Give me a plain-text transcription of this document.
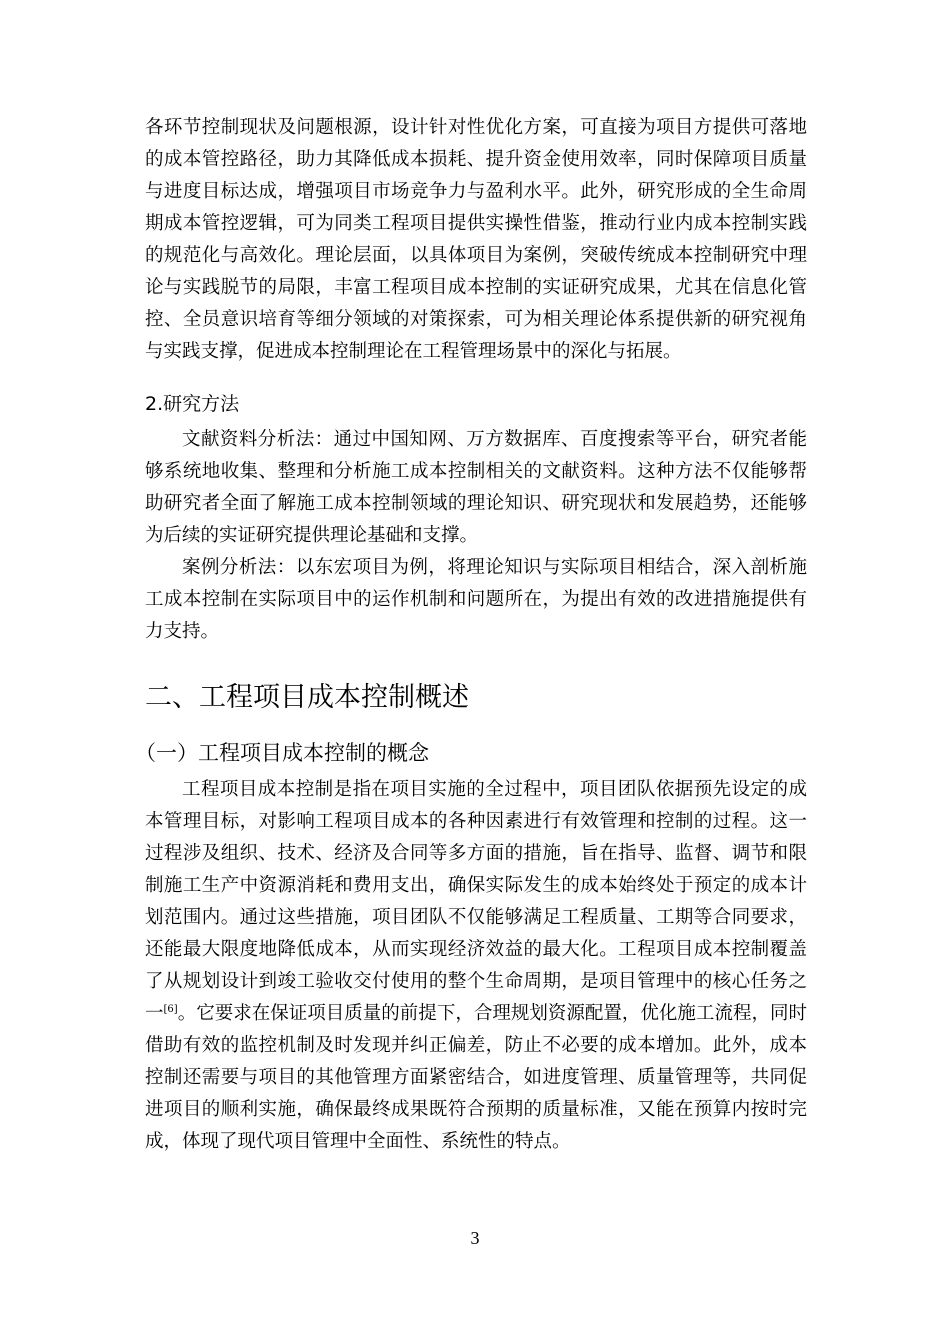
各环节控制现状及问题根源，设计针对性优化方案，可直接为项目方提供可落地的成本管控路径，助力其降低成本损耗、提升资金使用效率，同时保障项目质量与进度目标达成，增强项目市场竞争力与盈利水平。此外，研究形成的全生命周期成本管控逻辑，可为同类工程项目提供实操性借鉴，推动行业内成本控制实践的规范化与高效化。理论层面，以具体项目为案例，突破传统成本控制研究中理论与实践脱节的局限，丰富工程项目成本控制的实证研究成果，尤其在信息化管控、全员意识培育等细分领域的对策探索，可为相关理论体系提供新的研究视角与实践支撑，促进成本控制理论在工程管理场景中的深化与拓展。

2.研究方法

文献资料分析法：通过中国知网、万方数据库、百度搜索等平台，研究者能够系统地收集、整理和分析施工成本控制相关的文献资料。这种方法不仅能够帮助研究者全面了解施工成本控制领域的理论知识、研究现状和发展趋势，还能够为后续的实证研究提供理论基础和支撑。

案例分析法：以东宏项目为例，将理论知识与实际项目相结合，深入剖析施工成本控制在实际项目中的运作机制和问题所在，为提出有效的改进措施提供有力支持。

二、工程项目成本控制概述
（一）工程项目成本控制的概念

工程项目成本控制是指在项目实施的全过程中，项目团队依据预先设定的成本管理目标，对影响工程项目成本的各种因素进行有效管理和控制的过程。这一过程涉及组织、技术、经济及合同等多方面的措施，旨在指导、监督、调节和限制施工生产中资源消耗和费用支出，确保实际发生的成本始终处于预定的成本计划范围内。通过这些措施，项目团队不仅能够满足工程质量、工期等合同要求，还能最大限度地降低成本，从而实现经济效益的最大化。工程项目成本控制覆盖了从规划设计到竣工验收交付使用的整个生命周期，是项目管理中的核心任务之一[6]。它要求在保证项目质量的前提下，合理规划资源配置，优化施工流程，同时借助有效的监控机制及时发现并纠正偏差，防止不必要的成本增加。此外，成本控制还需要与项目的其他管理方面紧密结合，如进度管理、质量管理等，共同促进项目的顺利实施，确保最终成果既符合预期的质量标准，又能在预算内按时完成，体现了现代项目管理中全面性、系统性的特点。

3
